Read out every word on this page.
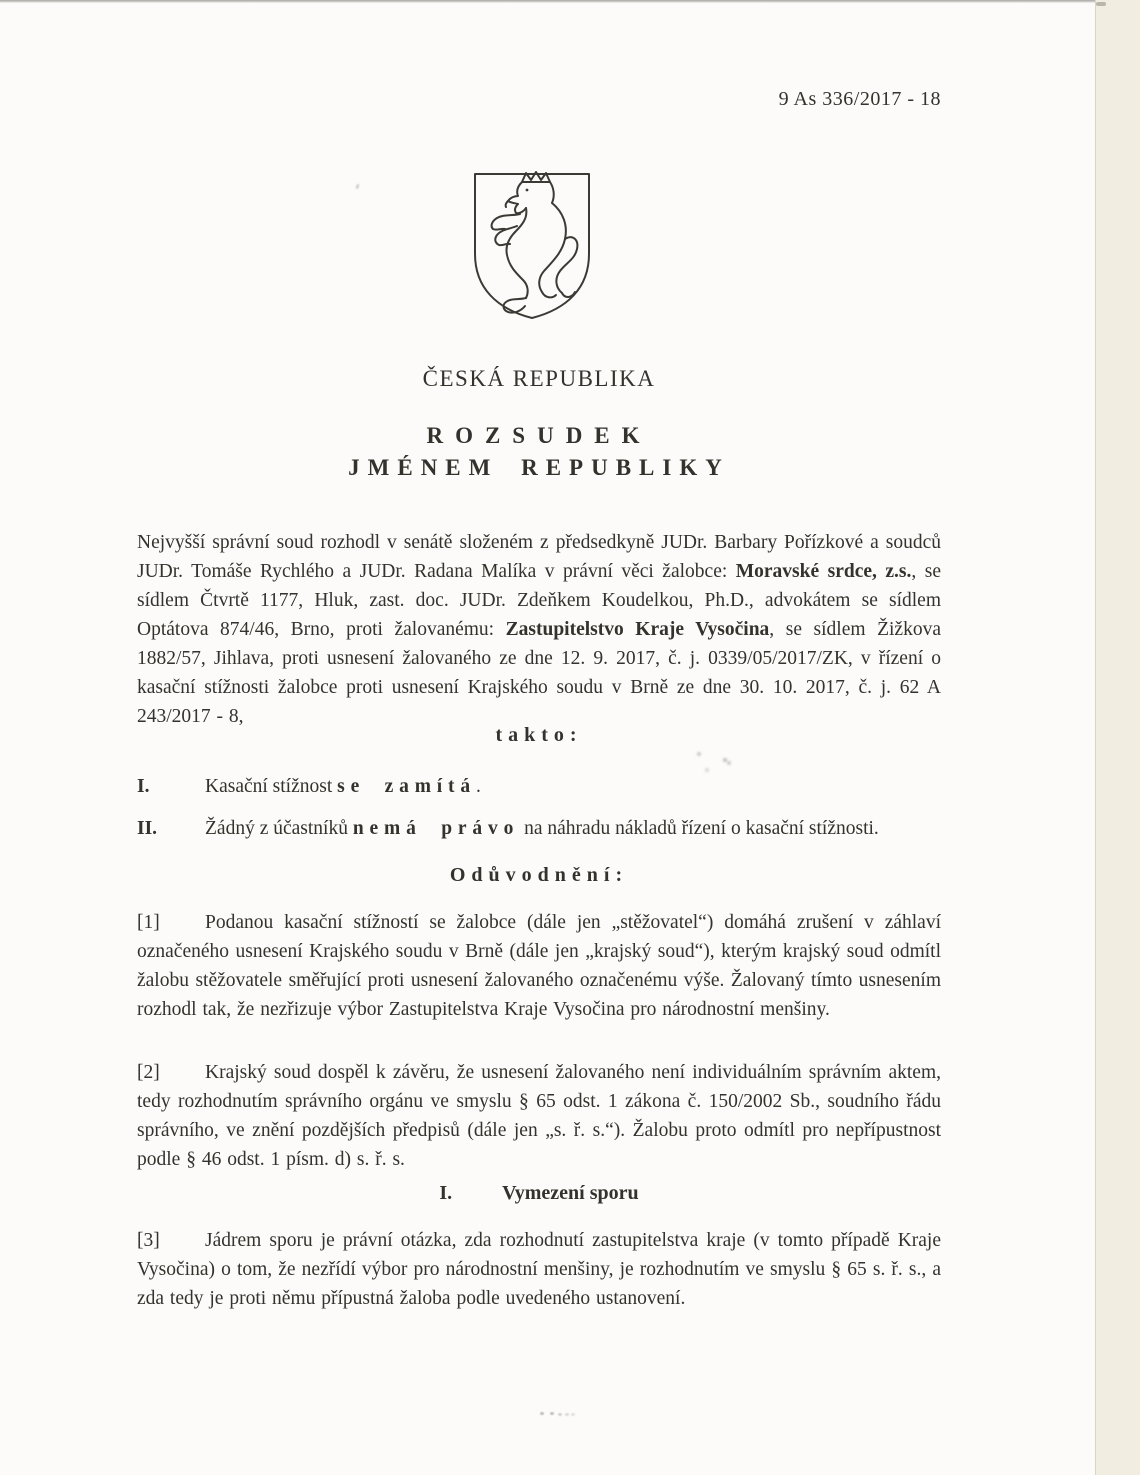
9 As 336/2017 - 18
ČESKÁ REPUBLIKA
ROZSUDEK
JMÉNEM REPUBLIKY

Nejvyšší správní soud rozhodl v senátě složeném z předsedkyně JUDr. Barbary Pořízkové a soudců JUDr. Tomáše Rychlého a JUDr. Radana Malíka v právní věci žalobce: Moravské srdce, z.s., se sídlem Čtvrtě 1177, Hluk, zast. doc. JUDr. Zdeňkem Koudelkou, Ph.D., advokátem se sídlem Optátova 874/46, Brno, proti žalovanému: Zastupitelstvo Kraje Vysočina, se sídlem Žižkova 1882/57, Jihlava, proti usnesení žalovaného ze dne 12. 9. 2017, č. j. 0339/05/2017/ZK, v řízení o kasační stížnosti žalobce proti usnesení Krajského soudu v Brně ze dne 30. 10. 2017, č. j. 62 A 243/2017 - 8,

takto:
I.	Kasační stížnost se zamítá.
II.	Žádný z účastníků nemá právo na náhradu nákladů řízení o kasační stížnosti.
Odůvodnění:

[1] Podanou kasační stížností se žalobce (dále jen „stěžovatel“) domáhá zrušení v záhlaví označeného usnesení Krajského soudu v Brně (dále jen „krajský soud“), kterým krajský soud odmítl žalobu stěžovatele směřující proti usnesení žalovaného označenému výše. Žalovaný tímto usnesením rozhodl tak, že nezřizuje výbor Zastupitelstva Kraje Vysočina pro národnostní menšiny.

[2] Krajský soud dospěl k závěru, že usnesení žalovaného není individuálním správním aktem, tedy rozhodnutím správního orgánu ve smyslu § 65 odst. 1 zákona č. 150/2002 Sb., soudního řádu správního, ve znění pozdějších předpisů (dále jen „s. ř. s.“). Žalobu proto odmítl pro nepřípustnost podle § 46 odst. 1 písm. d) s. ř. s.

I.	Vymezení sporu

[3] Jádrem sporu je právní otázka, zda rozhodnutí zastupitelstva kraje (v tomto případě Kraje Vysočina) o tom, že nezřídí výbor pro národnostní menšiny, je rozhodnutím ve smyslu § 65 s. ř. s., a zda tedy je proti němu přípustná žaloba podle uvedeného ustanovení.
